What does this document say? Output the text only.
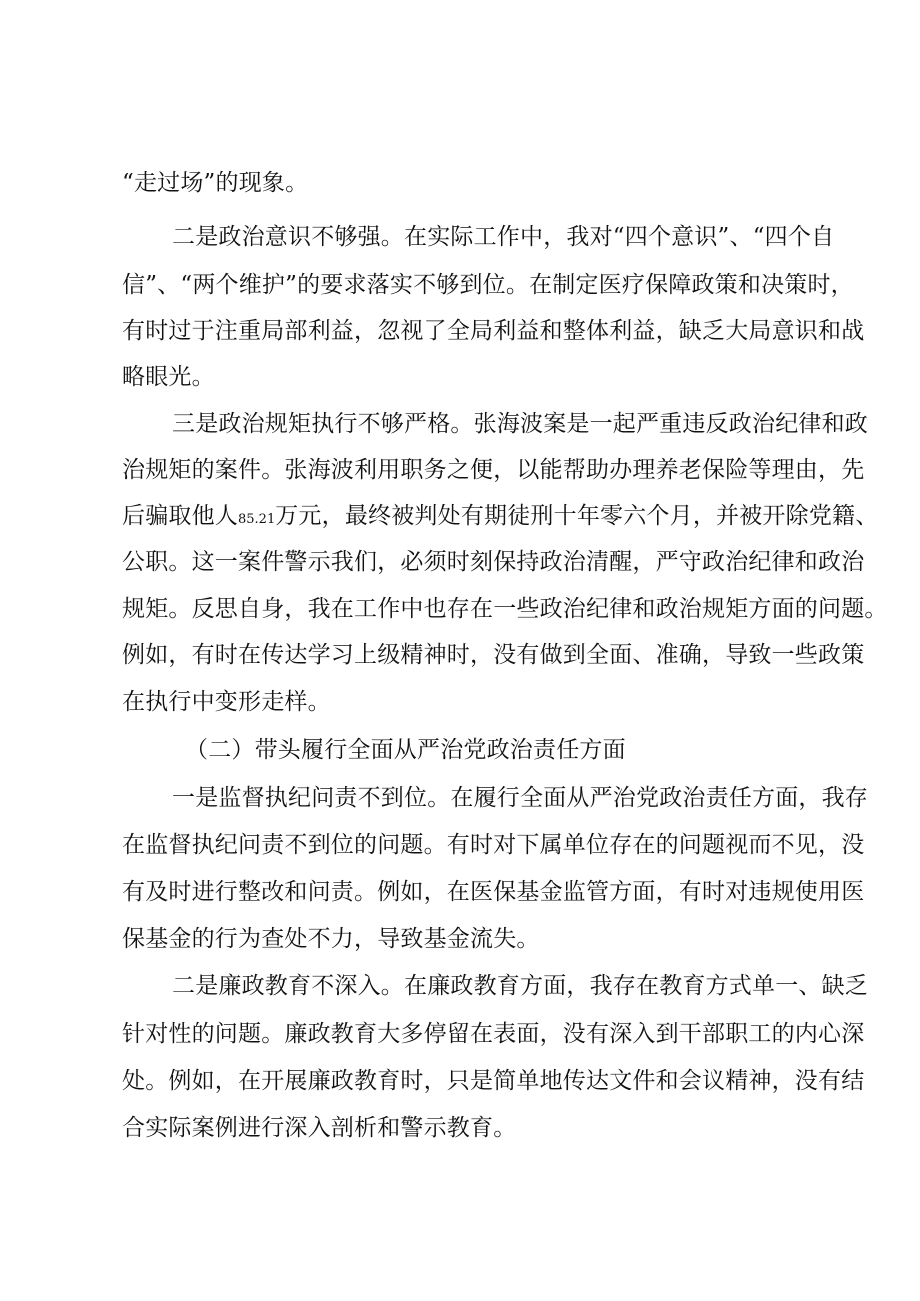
“走过场”的现象。
二是政治意识不够强。在实际工作中，我对“四个意识”、“四个自
信”、“两个维护”的要求落实不够到位。在制定医疗保障政策和决策时，
有时过于注重局部利益，忽视了全局利益和整体利益，缺乏大局意识和战
略眼光。
三是政治规矩执行不够严格。张海波案是一起严重违反政治纪律和政
治规矩的案件。张海波利用职务之便，以能帮助办理养老保险等理由，先
后骗取他人85.21万元，最终被判处有期徒刑十年零六个月，并被开除党籍、
公职。这一案件警示我们，必须时刻保持政治清醒，严守政治纪律和政治
规矩。反思自身，我在工作中也存在一些政治纪律和政治规矩方面的问题。
例如，有时在传达学习上级精神时，没有做到全面、准确，导致一些政策
在执行中变形走样。
（二）带头履行全面从严治党政治责任方面
一是监督执纪问责不到位。在履行全面从严治党政治责任方面，我存
在监督执纪问责不到位的问题。有时对下属单位存在的问题视而不见，没
有及时进行整改和问责。例如，在医保基金监管方面，有时对违规使用医
保基金的行为查处不力，导致基金流失。
二是廉政教育不深入。在廉政教育方面，我存在教育方式单一、缺乏
针对性的问题。廉政教育大多停留在表面，没有深入到干部职工的内心深
处。例如，在开展廉政教育时，只是简单地传达文件和会议精神，没有结
合实际案例进行深入剖析和警示教育。
